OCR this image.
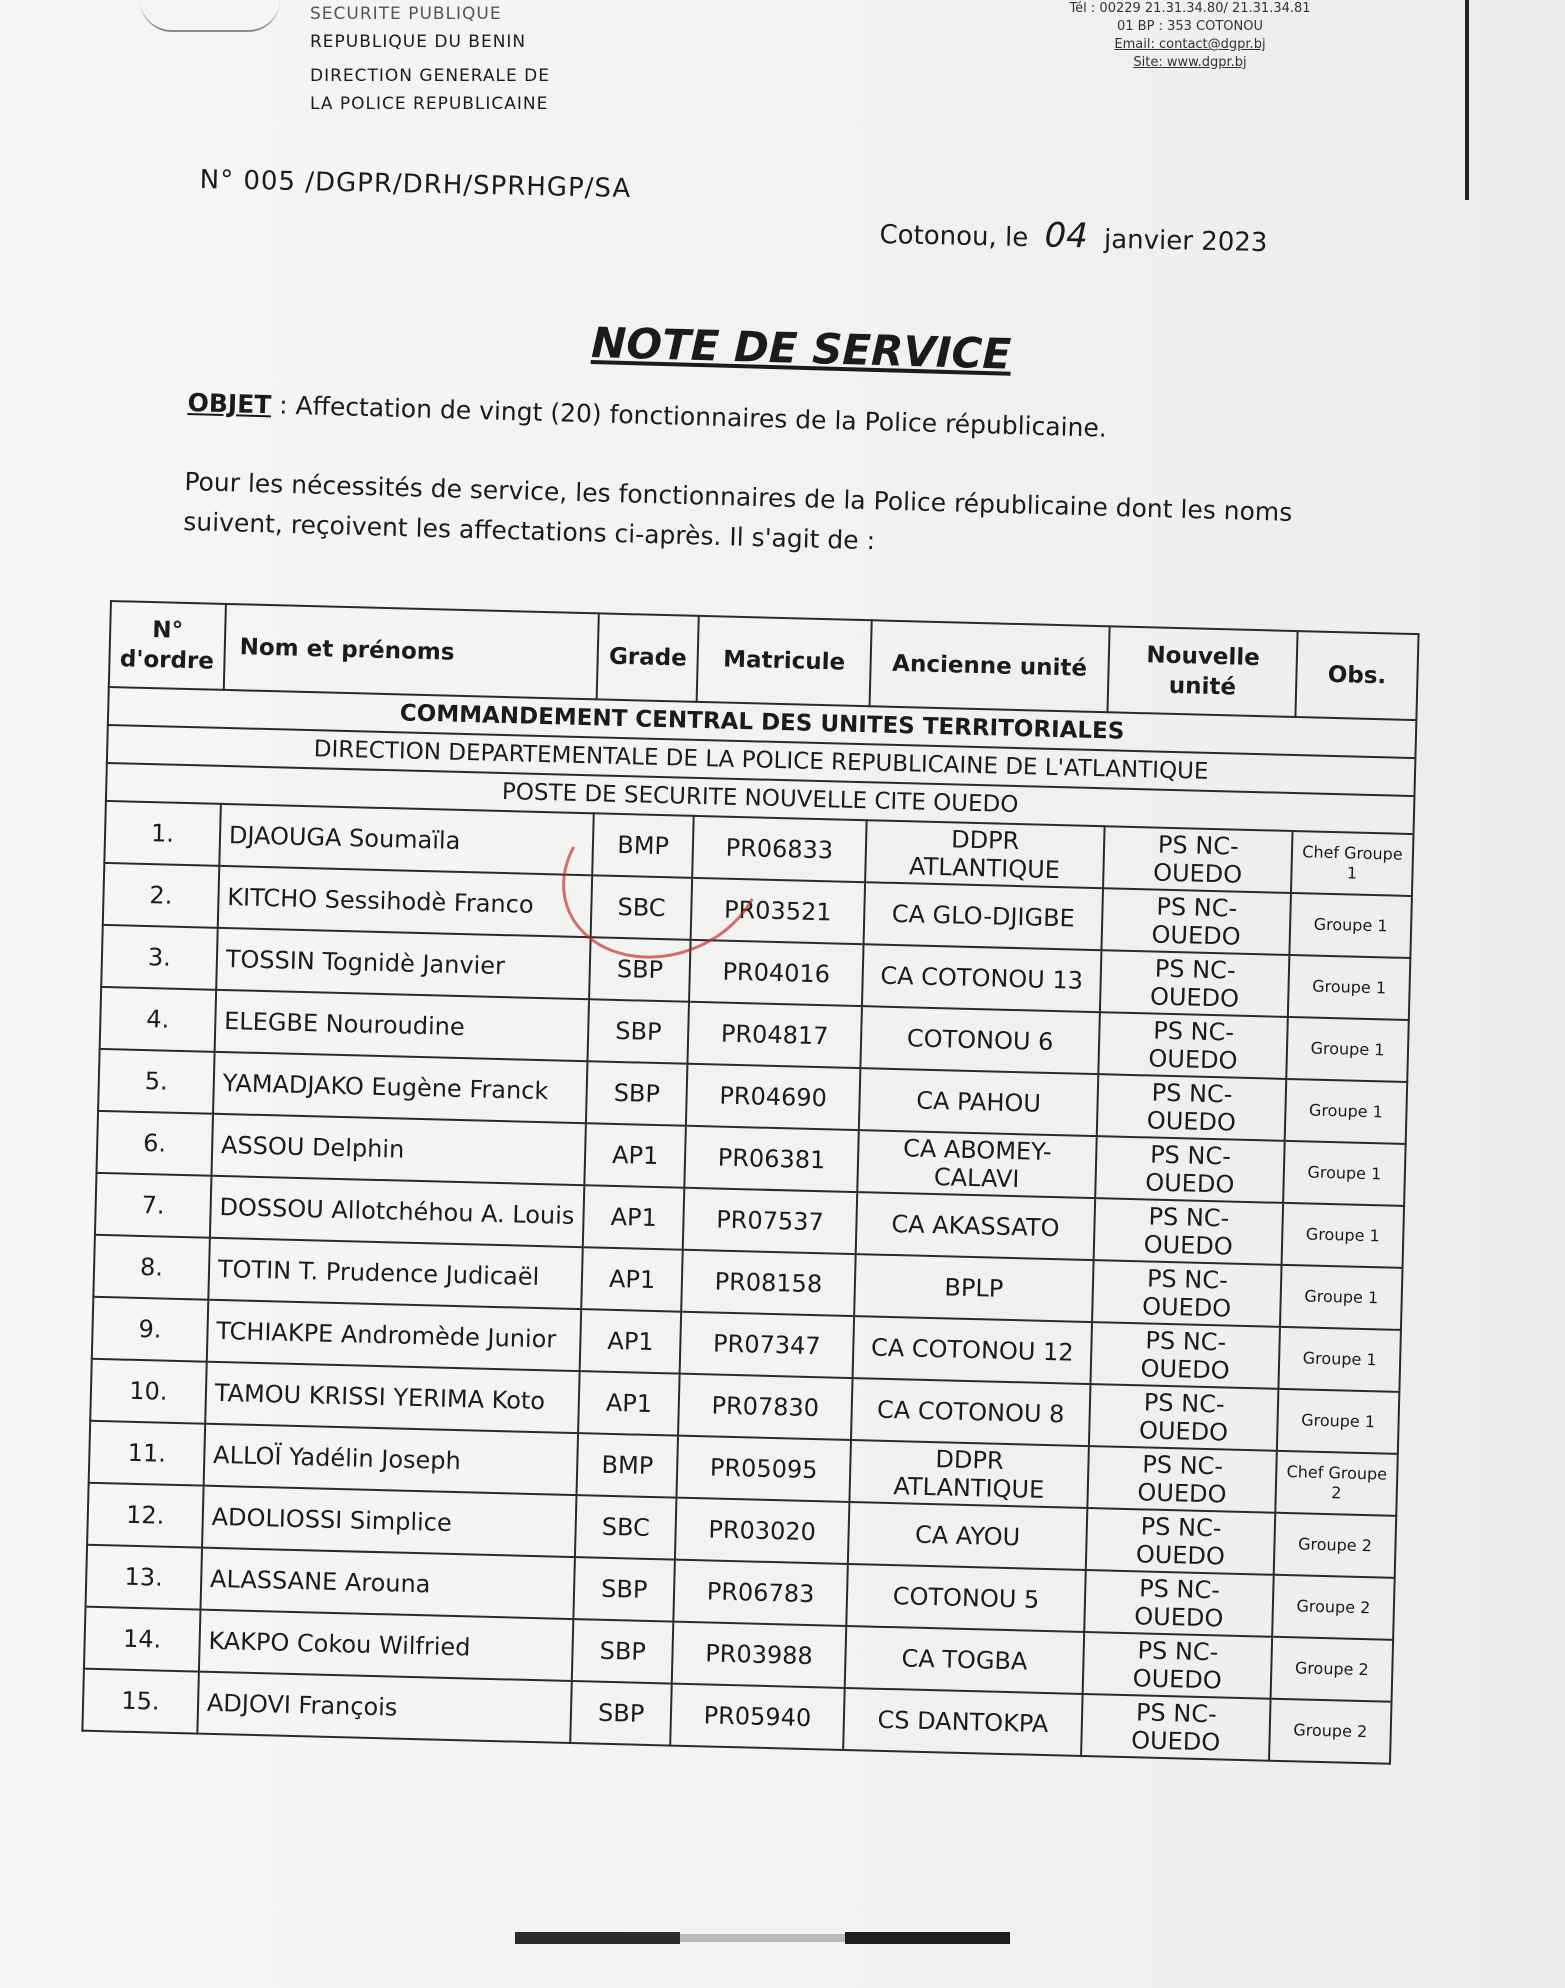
SECURITE PUBLIQUE
REPUBLIQUE DU BENIN
DIRECTION GENERALE DE
LA POLICE REPUBLICAINE
Tél : 00229 21.31.34.80/ 21.31.34.81
01 BP : 353 COTONOU
Email: contact@dgpr.bj
Site: www.dgpr.bj
N° 005 /DGPR/DRH/SPRHGP/SA
Cotonou, le 04 janvier 2023
NOTE DE SERVICE
OBJET : Affectation de vingt (20) fonctionnaires de la Police républicaine.
Pour les nécessités de service, les fonctionnaires de la Police républicaine dont les noms suivent, reçoivent les affectations ci-après. Il s'agit de :
N° d'ordre	Nom et prénoms	Grade	Matricule	Ancienne unité	Nouvelle unité	Obs.
COMMANDEMENT CENTRAL DES UNITES TERRITORIALES						
DIRECTION DEPARTEMENTALE DE LA POLICE REPUBLICAINE DE L'ATLANTIQUE						
POSTE DE SECURITE NOUVELLE CITE OUEDO						
1.	DJAOUGA Soumaïla	BMP	PR06833	DDPR ATLANTIQUE	PS NC-OUEDO	Chef Groupe 1
2.	KITCHO Sessihodè Franco	SBC	PR03521	CA GLO-DJIGBE	PS NC-OUEDO	Groupe 1
3.	TOSSIN Tognidè Janvier	SBP	PR04016	CA COTONOU 13	PS NC-OUEDO	Groupe 1
4.	ELEGBE Nouroudine	SBP	PR04817	COTONOU 6	PS NC-OUEDO	Groupe 1
5.	YAMADJAKO Eugène Franck	SBP	PR04690	CA PAHOU	PS NC-OUEDO	Groupe 1
6.	ASSOU Delphin	AP1	PR06381	CA ABOMEY-CALAVI	PS NC-OUEDO	Groupe 1
7.	DOSSOU Allotchéhou A. Louis	AP1	PR07537	CA AKASSATO	PS NC-OUEDO	Groupe 1
8.	TOTIN T. Prudence Judicaël	AP1	PR08158	BPLP	PS NC-OUEDO	Groupe 1
9.	TCHIAKPE Andromède Junior	AP1	PR07347	CA COTONOU 12	PS NC-OUEDO	Groupe 1
10.	TAMOU KRISSI YERIMA Koto	AP1	PR07830	CA COTONOU 8	PS NC-OUEDO	Groupe 1
11.	ALLOÏ Yadélin Joseph	BMP	PR05095	DDPR ATLANTIQUE	PS NC-OUEDO	Chef Groupe 2
12.	ADOLIOSSI Simplice	SBC	PR03020	CA AYOU	PS NC-OUEDO	Groupe 2
13.	ALASSANE Arouna	SBP	PR06783	COTONOU 5	PS NC-OUEDO	Groupe 2
14.	KAKPO Cokou Wilfried	SBP	PR03988	CA TOGBA	PS NC-OUEDO	Groupe 2
15.	ADJOVI François	SBP	PR05940	CS DANTOKPA	PS NC-OUEDO	Groupe 2
